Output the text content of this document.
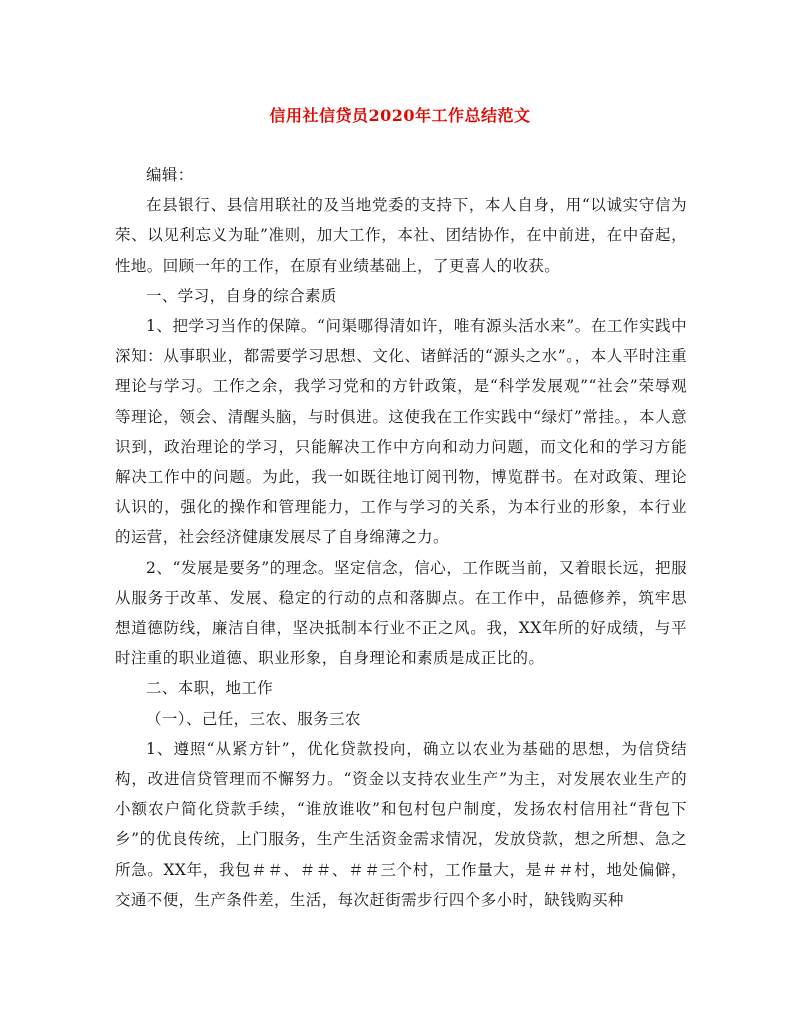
信用社信贷员2020年工作总结范文

编辑：

在县银行、县信用联社的及当地党委的支持下，本人自身，用“以诚实守信为荣、以见利忘义为耻”准则，加大工作，本社、团结协作，在中前进，在中奋起，性地。回顾一年的工作，在原有业绩基础上，了更喜人的收获。

一、学习，自身的综合素质

1、把学习当作的保障。“问渠哪得清如许，唯有源头活水来”。在工作实践中深知：从事职业，都需要学习思想、文化、诸鲜活的“源头之水”。，本人平时注重理论与学习。工作之余，我学习党和的方针政策，是“科学发展观”“社会”荣辱观等理论，领会、清醒头脑，与时俱进。这使我在工作实践中“绿灯”常挂。，本人意识到，政治理论的学习，只能解决工作中方向和动力问题，而文化和的学习方能解决工作中的问题。为此，我一如既往地订阅刊物，博览群书。在对政策、理论认识的，强化的操作和管理能力，工作与学习的关系，为本行业的形象，本行业的运营，社会经济健康发展尽了自身绵薄之力。

2、“发展是要务”的理念。坚定信念，信心，工作既当前，又着眼长远，把服从服务于改革、发展、稳定的行动的点和落脚点。在工作中，品德修养，筑牢思想道德防线，廉洁自律，坚决抵制本行业不正之风。我，XX年所的好成绩，与平时注重的职业道德、职业形象，自身理论和素质是成正比的。

二、本职，地工作

（一）、己任，三农、服务三农

1、遵照“从紧方针”，优化贷款投向，确立以农业为基础的思想，为信贷结构，改进信贷管理而不懈努力。“资金以支持农业生产”为主，对发展农业生产的小额农户简化贷款手续，“谁放谁收”和包村包户制度，发扬农村信用社“背包下乡”的优良传统，上门服务，生产生活资金需求情况，发放贷款，想之所想、急之所急。XX年，我包＃＃、＃＃、＃＃三个村，工作量大，是＃＃村，地处偏僻，交通不便，生产条件差，生活，每次赶街需步行四个多小时，缺钱购买种
